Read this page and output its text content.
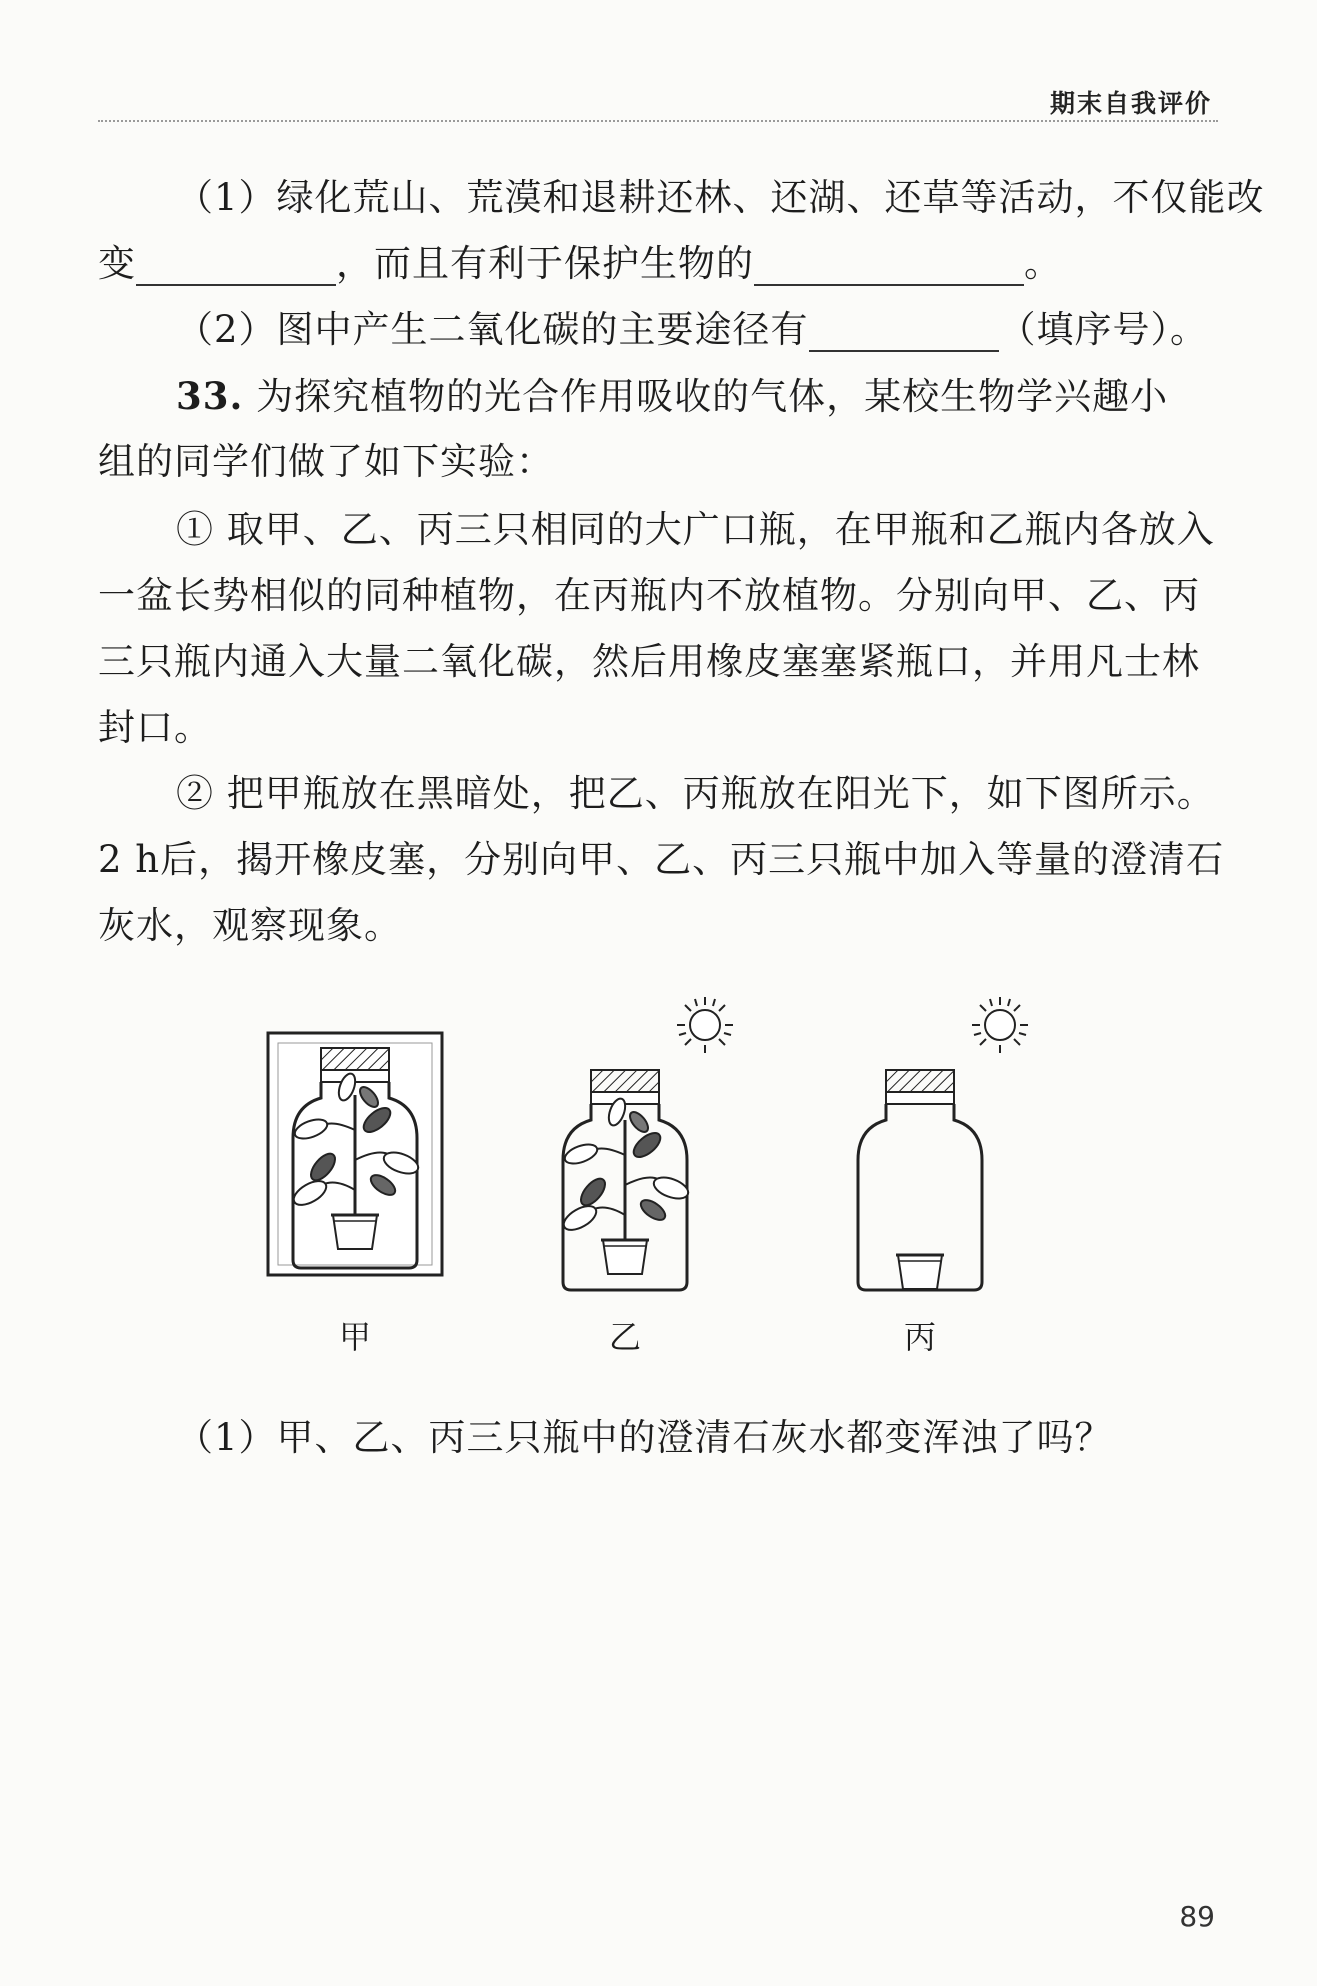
期末自我评价
（1）绿化荒山、荒漠和退耕还林、还湖、还草等活动，不仅能改
变	，而且有利于保护生物的	。
（2）图中产生二氧化碳的主要途径有	（填序号）。
33. 为探究植物的光合作用吸收的气体，某校生物学兴趣小
组的同学们做了如下实验：
① 取甲、乙、丙三只相同的大广口瓶，在甲瓶和乙瓶内各放入
一盆长势相似的同种植物，在丙瓶内不放植物。分别向甲、乙、丙
三只瓶内通入大量二氧化碳，然后用橡皮塞塞紧瓶口，并用凡士林
封口。
② 把甲瓶放在黑暗处，把乙、丙瓶放在阳光下，如下图所示。
2 h后，揭开橡皮塞，分别向甲、乙、丙三只瓶中加入等量的澄清石
灰水，观察现象。
甲	乙	丙
（1）甲、乙、丙三只瓶中的澄清石灰水都变浑浊了吗？
89
